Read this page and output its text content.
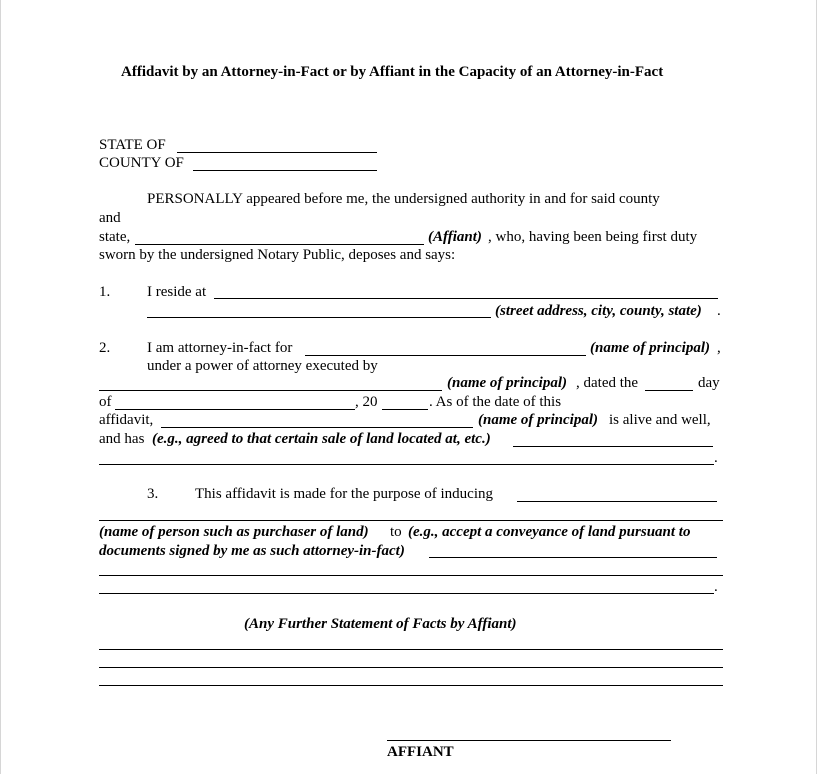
Affidavit by an Attorney-in-Fact or by Affiant in the Capacity of an Attorney-in-Fact
STATE OF
COUNTY OF
PERSONALLY appeared before me, the undersigned authority in and for said county
and
state,	(Affiant) , who, having been being first duty
sworn by the undersigned Notary Public, deposes and says:
1. I reside at
(street address, city, county, state) .
2. I am attorney-in-fact for	(name of principal) ,
under a power of attorney executed by
(name of principal) , dated the	day
of	, 20	. As of the date of this
affidavit,	(name of principal) is alive and well,
and has (e.g., agreed to that certain sale of land located at, etc.)
.
3. This affidavit is made for the purpose of inducing
(name of person such as purchaser of land) to (e.g., accept a conveyance of land pursuant to
documents signed by me as such attorney-in-fact)
.
(Any Further Statement of Facts by Affiant)
AFFIANT
